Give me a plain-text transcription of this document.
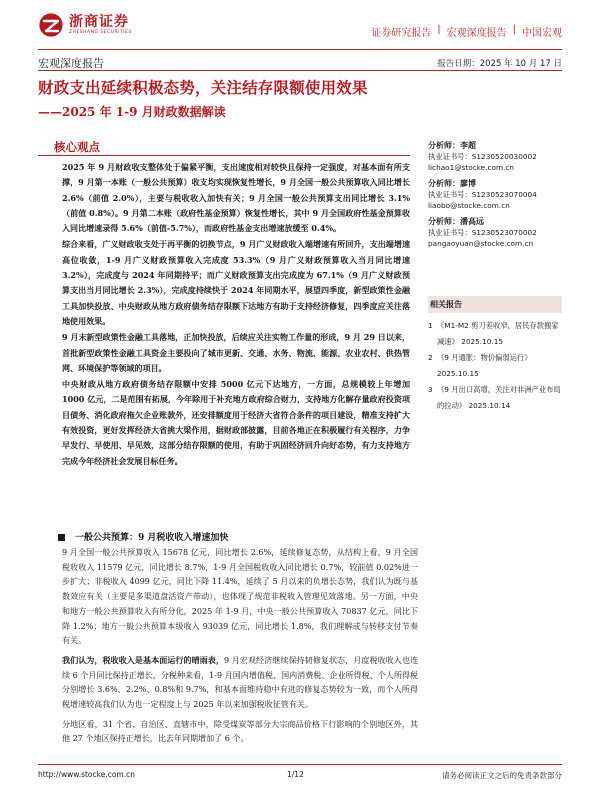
浙商证券
ZHESHANG SECURITIES	证券研究报告 | 宏观深度报告 | 中国宏观
宏观深度报告	报告日期：2025 年 10 月 17 日
财政支出延续积极态势，关注结存限额使用效果
——2025 年 1-9 月财政数据解读
核心观点

2025 年 9 月财政收支整体处于偏紧平衡，支出速度相对较快且保持一定强度，对基本面有所支撑，9 月第一本账（一般公共预算）收支均实现恢复性增长，9 月全国一般公共预算收入同比增长 2.6%（前值 2.0%），主要与税收收入加快有关；9 月全国一般公共预算支出同比增长 3.1%（前值 0.8%）。9 月第二本账（政府性基金预算）恢复性增长，其中 9 月全国政府性基金预算收入同比增速录得 5.6%（前值-5.7%），而政府性基金支出增速放缓至 0.4%。

综合来看，广义财政收支处于再平衡的切换节点，9 月广义财政收入端增速有所回升，支出端增速高位收敛，1-9 月广义财政预算收入完成度 53.3%（9 月广义财政预算收入当月同比增速 3.2%），完成度与 2024 年同期持平；而广义财政预算支出完成度为 67.1%（9 月广义财政预算支出当月同比增长 2.3%），完成度持续快于 2024 年同期水平，展望四季度，新型政策性金融工具加快投放、中央财政从地方政府债务结存限额下达地方有助于支持经济修复，四季度应关注落地使用效果。

9 月末新型政策性金融工具落地，正加快投放，后续应关注实物工作量的形成，9 月 29 日以来，首批新型政策性金融工具资金主要投向了城市更新、交通、水务、物流、能源、农业农村、供热管网、环境保护等领域的项目。

中央财政从地方政府债务结存限额中安排 5000 亿元下达地方，一方面，总规模较上年增加 1000 亿元，二是范围有拓展，今年除用于补充地方政府综合财力，支持地方化解存量政府投资项目债务、消化政府拖欠企业账款外，还安排额度用于经济大省符合条件的项目建设，精准支持扩大有效投资，更好发挥经济大省挑大梁作用，据财政部披露，目前各地正在积极履行有关程序，力争早发行、早使用、早见效，这部分结存限额的使用，有助于巩固经济回升向好态势，有力支持地方完成今年经济社会发展目标任务。

分析师：李超
执业证书号：S1230520030002
lichao1@stocke.com.cn
分析师：廖博
执业证书号：S1230523070004
liaobo@stocke.com.cn
分析师：潘高远
执业证书号：S1230523070002
pangaoyuan@stocke.com.cn
相关报告
1 《M1-M2 剪刀差收窄，居民存款搬家减速》 2025.10.15
2 《9 月通胀：物价偏弱运行》 2025.10.15
3 《9 月出口高增，关注对非洲产业布局的拉动》 2025.10.14
一般公共预算：9 月税收收入增速加快

9 月全国一般公共预算收入 15678 亿元，同比增长 2.6%，延续修复态势，从结构上看，9 月全国税收收入 11579 亿元，同比增长 8.7%，1-9 月全国税收收入同比增长 0.7%，较前值 0.02%进一步扩大；非税收入 4099 亿元，同比下降 11.4%，延续了 5 月以来的负增长态势，我们认为既与基数效应有关（主要是多渠道盘活资产带动），也体现了规范非税收入管理见效落地。另一方面，中央和地方一般公共预算收入有所分化，2025 年 1-9 月，中央一般公共预算收入 70837 亿元，同比下降 1.2%；地方一般公共预算本级收入 93039 亿元，同比增长 1.8%，我们理解或与转移支付节奏有关。

我们认为，税收收入是基本面运行的晴雨表，9 月宏观经济继续保持韧修复状态，月度税收收入也连续 6 个月同比保持正增长，分税种来看，1-9 月国内增值税、国内消费税、企业所得税、个人所得税分别增长 3.6%、2.2%、0.8%和 9.7%，和基本面维持稳中有进的修复态势较为一致，而个人所得税增速较高我们认为也一定程度上与 2025 年以来加强税收征管有关。

分地区看，31 个省、自治区、直辖市中，除受煤炭等部分大宗商品价格下行影响的个别地区外，其他 27 个地区保持正增长，比去年同期增加了 6 个。

http://www.stocke.com.cn	1/12	请务必阅读正文之后的免责条款部分
